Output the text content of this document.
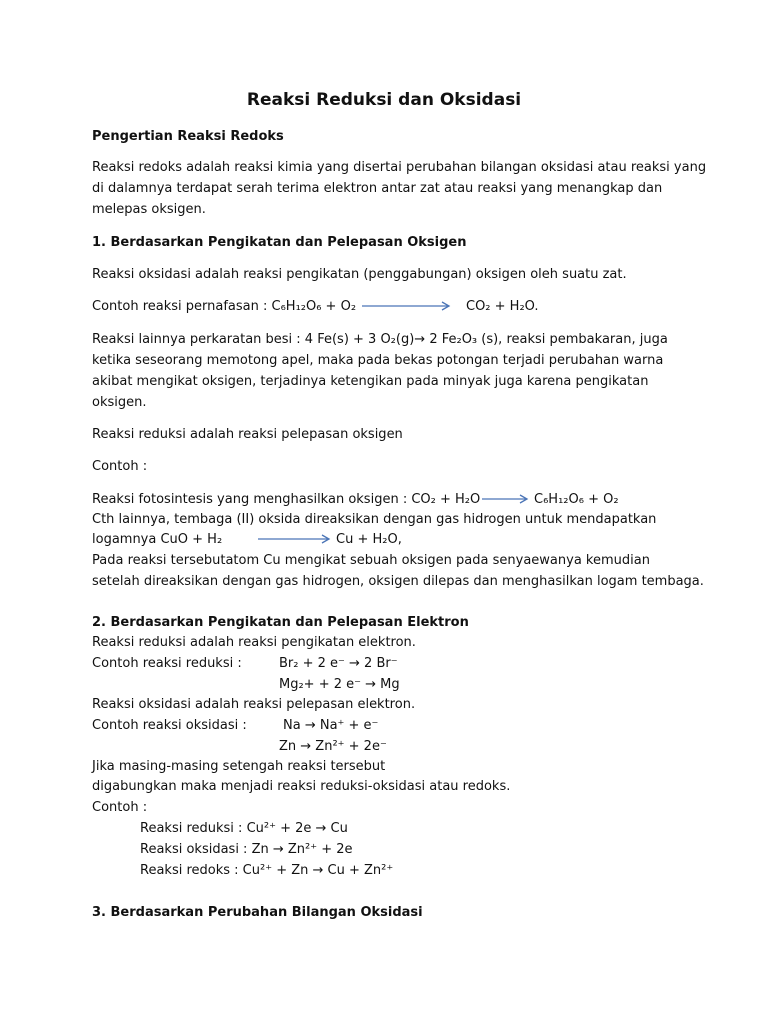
Reaksi Reduksi dan Oksidasi
Pengertian Reaksi Redoks
Reaksi redoks adalah reaksi kimia yang disertai perubahan bilangan oksidasi atau reaksi yang
di dalamnya terdapat serah terima elektron antar zat atau reaksi yang menangkap dan
melepas oksigen.
1. Berdasarkan Pengikatan dan Pelepasan Oksigen
Reaksi oksidasi adalah reaksi pengikatan (penggabungan) oksigen oleh suatu zat.
Contoh reaksi pernafasan : C₆H₁₂O₆ + O₂	CO₂ + H₂O.
Reaksi lainnya perkaratan besi : 4 Fe(s) + 3 O₂(g)→ 2 Fe₂O₃ (s), reaksi pembakaran, juga
ketika seseorang memotong apel, maka pada bekas potongan terjadi perubahan warna
akibat mengikat oksigen, terjadinya ketengikan pada minyak juga karena pengikatan
oksigen.
Reaksi reduksi adalah reaksi pelepasan oksigen
Contoh :
Reaksi fotosintesis yang menghasilkan oksigen : CO₂ + H₂O → C₆H₁₂O₆ + O₂
Cth lainnya, tembaga (II) oksida direaksikan dengan gas hidrogen untuk mendapatkan
logamnya CuO + H₂	Cu + H₂O,
Pada reaksi tersebutatom Cu mengikat sebuah oksigen pada senyaewanya kemudian
setelah direaksikan dengan gas hidrogen, oksigen dilepas dan menghasilkan logam tembaga.
2. Berdasarkan Pengikatan dan Pelepasan Elektron
Reaksi reduksi adalah reaksi pengikatan elektron.
Contoh reaksi reduksi :	Br₂ + 2 e⁻ → 2 Br⁻
Mg₂+ + 2 e⁻ → Mg
Reaksi oksidasi adalah reaksi pelepasan elektron.
Contoh reaksi oksidasi :	Na → Na⁺ + e⁻
Zn → Zn²⁺ + 2e⁻
Jika masing-masing setengah reaksi tersebut
digabungkan maka menjadi reaksi reduksi-oksidasi atau redoks.
Contoh :
Reaksi reduksi : Cu²⁺ + 2e → Cu
Reaksi oksidasi : Zn → Zn²⁺ + 2e
Reaksi redoks : Cu²⁺ + Zn → Cu + Zn²⁺
3. Berdasarkan Perubahan Bilangan Oksidasi
